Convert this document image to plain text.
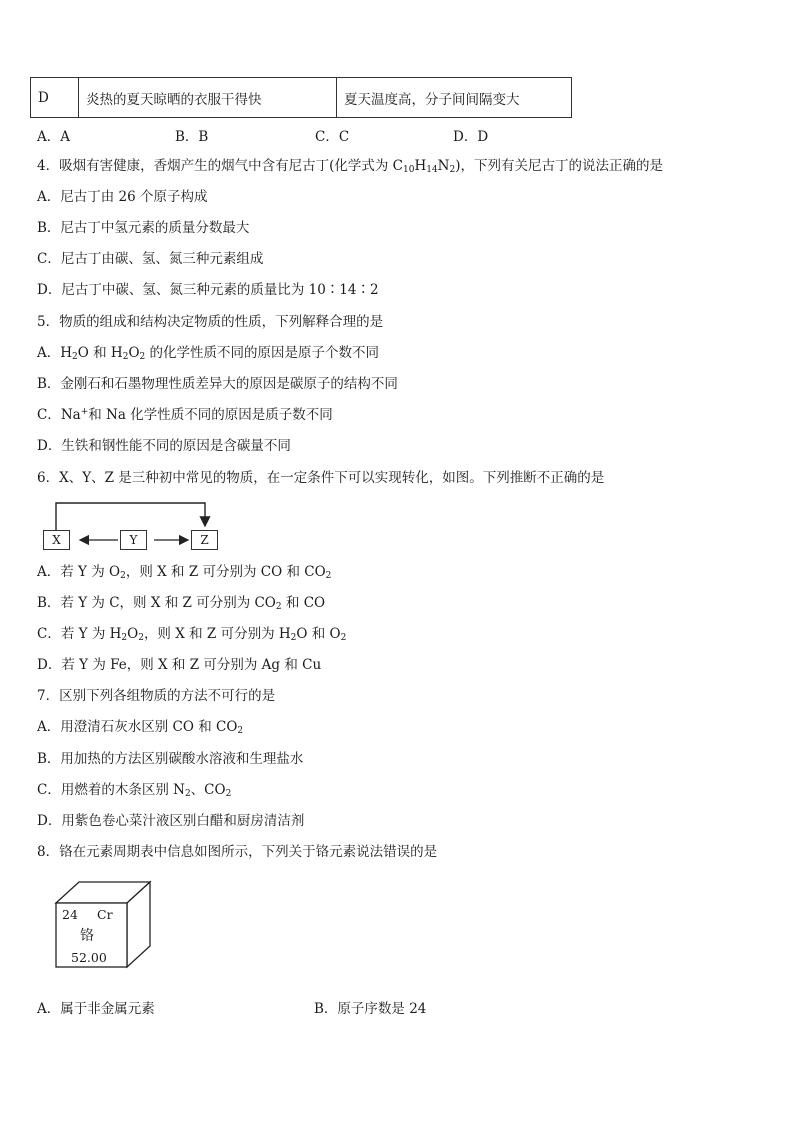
D	炎热的夏天晾晒的衣服干得快	夏天温度高，分子间间隔变大
A．A	B．B	C．C	D．D
4．吸烟有害健康，香烟产生的烟气中含有尼古丁(化学式为 $C_{10}H_{14}N_2$)，下列有关尼古丁的说法正确的是
A．尼古丁由 26 个原子构成
B．尼古丁中氢元素的质量分数最大
C．尼古丁由碳、氢、氮三种元素组成
D．尼古丁中碳、氢、氮三种元素的质量比为 10∶14∶2
5．物质的组成和结构决定物质的性质，下列解释合理的是
A．$H_2O$ 和 $H_2O_2$ 的化学性质不同的原因是原子个数不同
B．金刚石和石墨物理性质差异大的原因是碳原子的结构不同
C．Na+和 Na 化学性质不同的原因是质子数不同
D．生铁和钢性能不同的原因是含碳量不同
6．X、Y、Z 是三种初中常见的物质，在一定条件下可以实现转化，如图。下列推断不正确的是
X	Y	Z
A．若 Y 为 $O_2$，则 X 和 Z 可分别为 CO 和 $CO_2$
B．若 Y 为 C，则 X 和 Z 可分别为 $CO_2$ 和 CO
C．若 Y 为 $H_2O_2$，则 X 和 Z 可分别为 $H_2O$ 和 $O_2$
D．若 Y 为 Fe，则 X 和 Z 可分别为 Ag 和 Cu
7．区别下列各组物质的方法不可行的是
A．用澄清石灰水区别 CO 和 $CO_2$
B．用加热的方法区别碳酸水溶液和生理盐水
C．用燃着的木条区别 $N_2$、$CO_2$
D．用紫色卷心菜汁液区别白醋和厨房清洁剂
8．铬在元素周期表中信息如图所示，下列关于铬元素说法错误的是
24 Cr
铬
52.00
A．属于非金属元素	B．原子序数是 24
